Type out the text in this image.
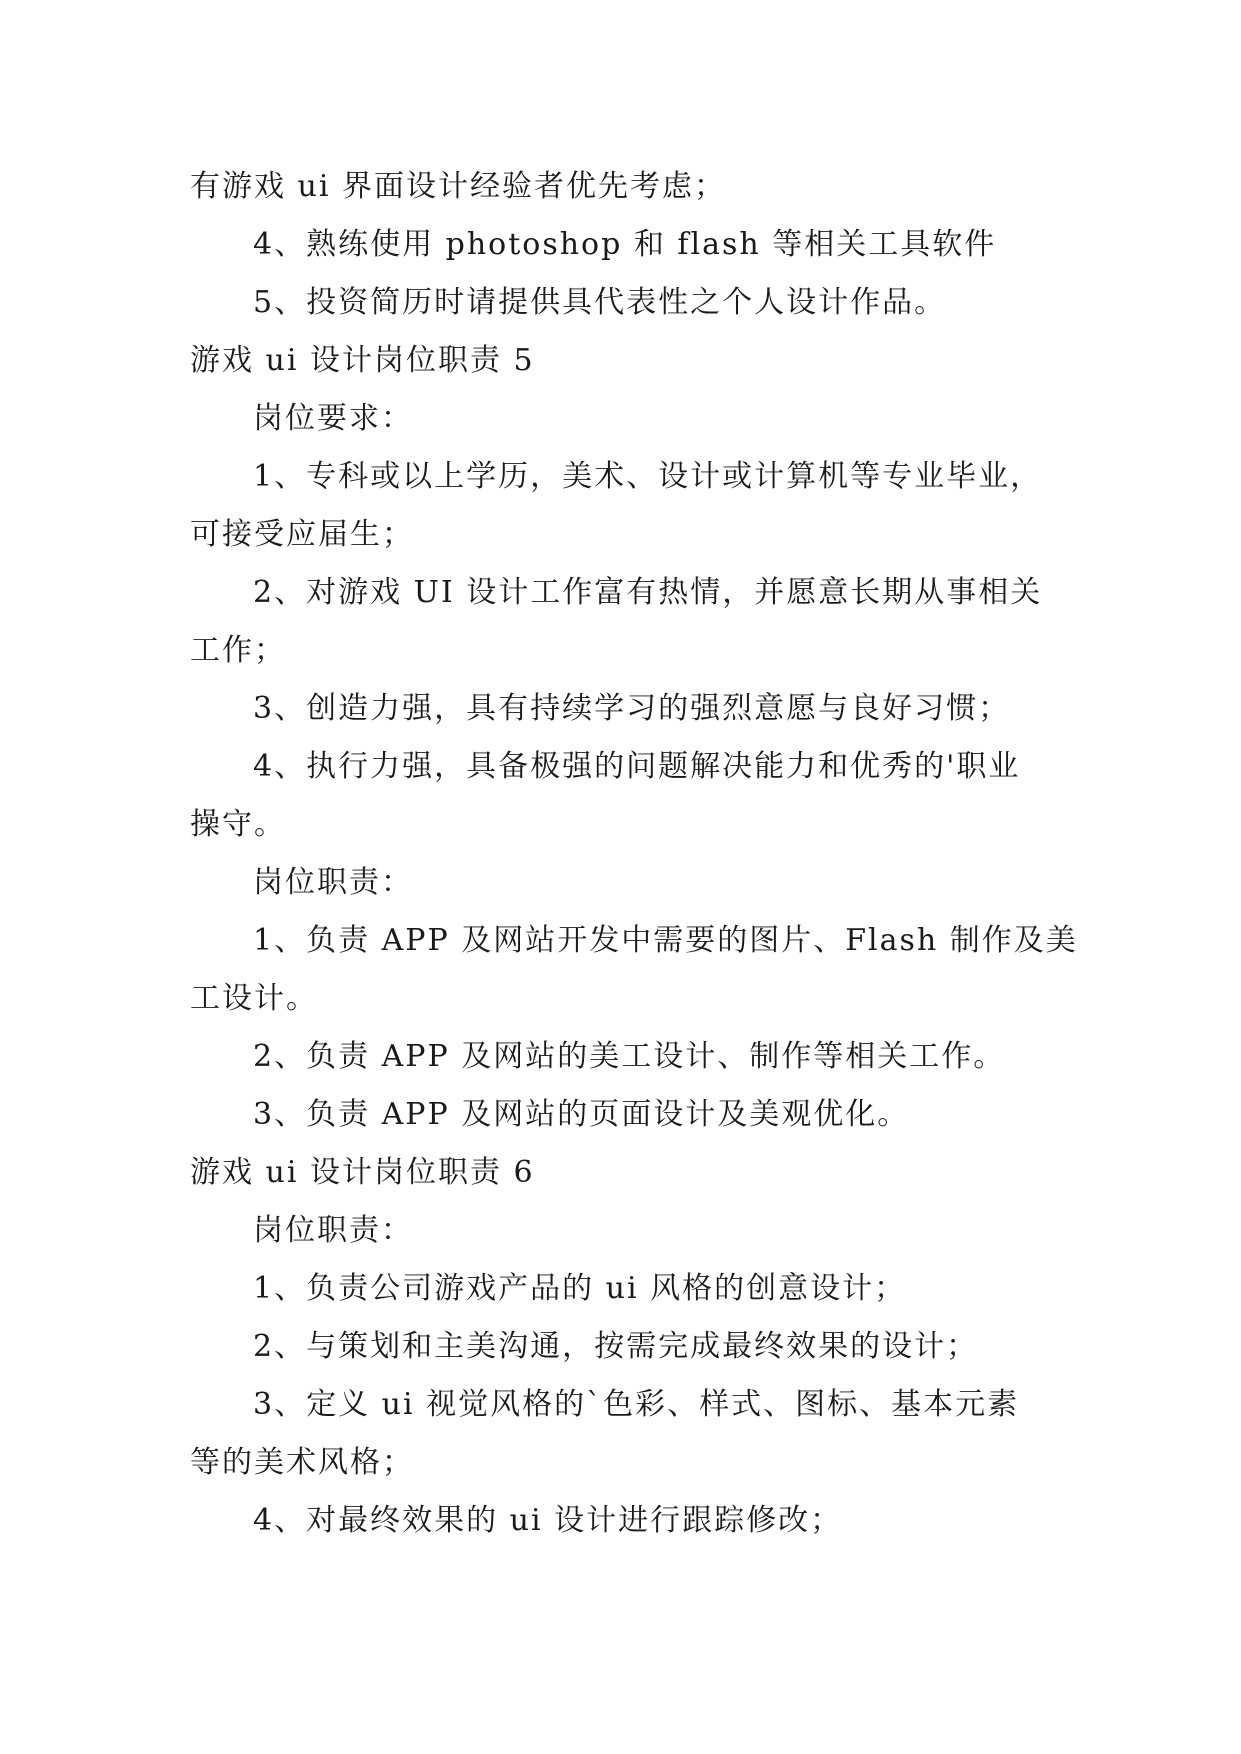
有游戏 ui 界面设计经验者优先考虑；
4、熟练使用 photoshop 和 flash 等相关工具软件
5、投资简历时请提供具代表性之个人设计作品。
游戏 ui 设计岗位职责 5
岗位要求：
1、专科或以上学历，美术、设计或计算机等专业毕业，
可接受应届生；
2、对游戏 UI 设计工作富有热情，并愿意长期从事相关
工作；
3、创造力强，具有持续学习的强烈意愿与良好习惯；
4、执行力强，具备极强的问题解决能力和优秀的'职业
操守。
岗位职责：
1、负责 APP 及网站开发中需要的图片、Flash 制作及美
工设计。
2、负责 APP 及网站的美工设计、制作等相关工作。
3、负责 APP 及网站的页面设计及美观优化。
游戏 ui 设计岗位职责 6
岗位职责：
1、负责公司游戏产品的 ui 风格的创意设计；
2、与策划和主美沟通，按需完成最终效果的设计；
3、定义 ui 视觉风格的`色彩、样式、图标、基本元素
等的美术风格；
4、对最终效果的 ui 设计进行跟踪修改；
